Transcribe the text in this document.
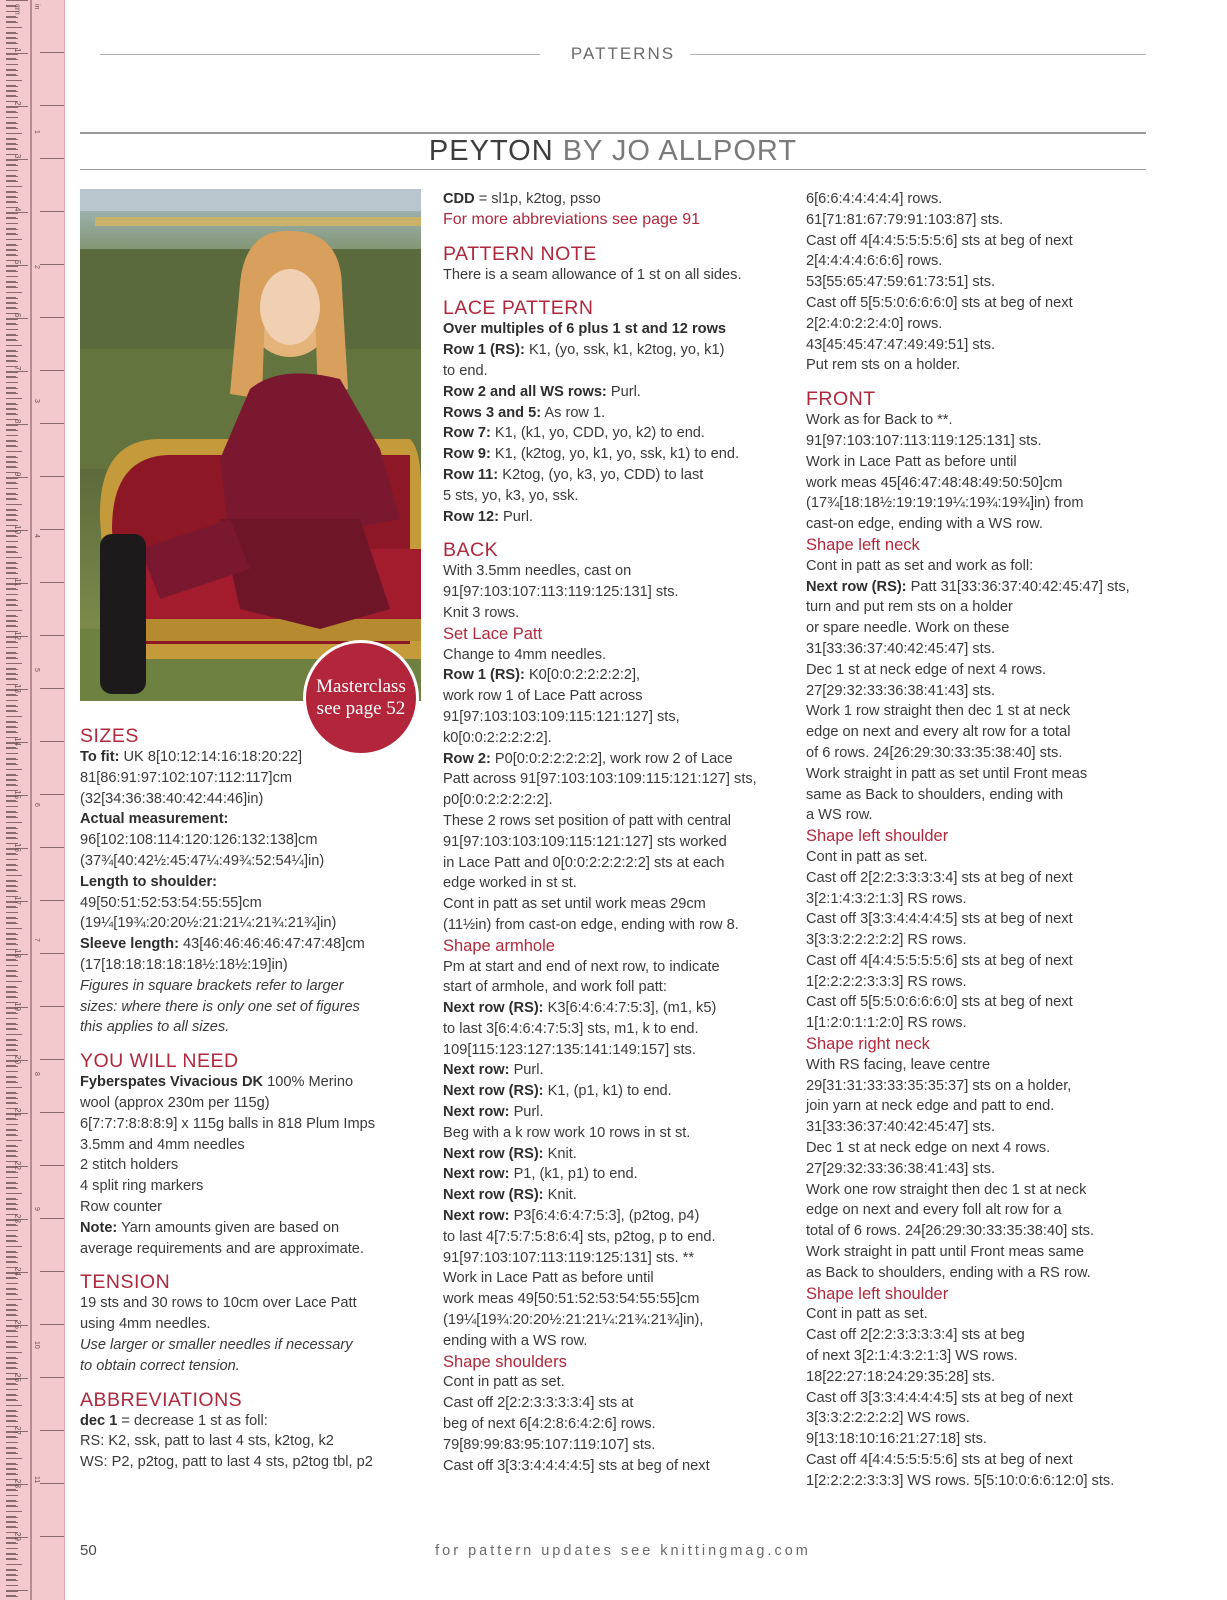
cm in
1
2
3
4
5
6
7
8
9
10
11
12
13
14
15
16
17
18
19
20
21
22
23
24
25
26
27
28
29
1
2
3
4
5
6
7
8
9
10
11
PATTERNS
PEYTON BY JO ALLPORT
Masterclass
see page 52

SIZES

To fit: UK 8[10:12:14:16:18:20:22]

81[86:91:97:102:107:112:117]cm

(32[34:36:38:40:42:44:46]in)

Actual measurement:

96[102:108:114:120:126:132:138]cm

(37¾[40:42½:45:47¼:49¾:52:54¼]in)

Length to shoulder:

49[50:51:52:53:54:55:55]cm

(19¼[19¾:20:20½:21:21¼:21¾:21¾]in)

Sleeve length: 43[46:46:46:46:47:47:48]cm

(17[18:18:18:18:18½:18½:19]in)

Figures in square brackets refer to larger

sizes: where there is only one set of figures

this applies to all sizes.

YOU WILL NEED

Fyberspates Vivacious DK 100% Merino

wool (approx 230m per 115g)

6[7:7:7:8:8:8:9] x 115g balls in 818 Plum Imps

3.5mm and 4mm needles

2 stitch holders

4 split ring markers

Row counter

Note: Yarn amounts given are based on

average requirements and are approximate.

TENSION

19 sts and 30 rows to 10cm over Lace Patt

using 4mm needles.

Use larger or smaller needles if necessary

to obtain correct tension.

ABBREVIATIONS

dec 1 = decrease 1 st as foll:

RS: K2, ssk, patt to last 4 sts, k2tog, k2

WS: P2, p2tog, patt to last 4 sts, p2tog tbl, p2

CDD = sl1p, k2tog, psso

For more abbreviations see page 91

PATTERN NOTE

There is a seam allowance of 1 st on all sides.

LACE PATTERN

Over multiples of 6 plus 1 st and 12 rows

Row 1 (RS): K1, (yo, ssk, k1, k2tog, yo, k1)

to end.

Row 2 and all WS rows: Purl.

Rows 3 and 5: As row 1.

Row 7: K1, (k1, yo, CDD, yo, k2) to end.

Row 9: K1, (k2tog, yo, k1, yo, ssk, k1) to end.

Row 11: K2tog, (yo, k3, yo, CDD) to last

5 sts, yo, k3, yo, ssk.

Row 12: Purl.

BACK

With 3.5mm needles, cast on

91[97:103:107:113:119:125:131] sts.

Knit 3 rows.

Set Lace Patt

Change to 4mm needles.

Row 1 (RS): K0[0:0:2:2:2:2:2],

work row 1 of Lace Patt across

91[97:103:103:109:115:121:127] sts,

k0[0:0:2:2:2:2:2].

Row 2: P0[0:0:2:2:2:2:2], work row 2 of Lace

Patt across 91[97:103:103:109:115:121:127] sts,

p0[0:0:2:2:2:2:2].

These 2 rows set position of patt with central

91[97:103:103:109:115:121:127] sts worked

in Lace Patt and 0[0:0:2:2:2:2:2] sts at each

edge worked in st st.

Cont in patt as set until work meas 29cm

(11½in) from cast-on edge, ending with row 8.

Shape armhole

Pm at start and end of next row, to indicate

start of armhole, and work foll patt:

Next row (RS): K3[6:4:6:4:7:5:3], (m1, k5)

to last 3[6:4:6:4:7:5:3] sts, m1, k to end.

109[115:123:127:135:141:149:157] sts.

Next row: Purl.

Next row (RS): K1, (p1, k1) to end.

Next row: Purl.

Beg with a k row work 10 rows in st st.

Next row (RS): Knit.

Next row: P1, (k1, p1) to end.

Next row (RS): Knit.

Next row: P3[6:4:6:4:7:5:3], (p2tog, p4)

to last 4[7:5:7:5:8:6:4] sts, p2tog, p to end.

91[97:103:107:113:119:125:131] sts. **

Work in Lace Patt as before until

work meas 49[50:51:52:53:54:55:55]cm

(19¼[19¾:20:20½:21:21¼:21¾:21¾]in),

ending with a WS row.

Shape shoulders

Cont in patt as set.

Cast off 2[2:2:3:3:3:3:4] sts at

beg of next 6[4:2:8:6:4:2:6] rows.

79[89:99:83:95:107:119:107] sts.

Cast off 3[3:3:4:4:4:4:5] sts at beg of next

6[6:6:4:4:4:4:4] rows.

61[71:81:67:79:91:103:87] sts.

Cast off 4[4:4:5:5:5:5:6] sts at beg of next

2[4:4:4:4:6:6:6] rows.

53[55:65:47:59:61:73:51] sts.

Cast off 5[5:5:0:6:6:6:0] sts at beg of next

2[2:4:0:2:2:4:0] rows.

43[45:45:47:47:49:49:51] sts.

Put rem sts on a holder.

FRONT

Work as for Back to **.

91[97:103:107:113:119:125:131] sts.

Work in Lace Patt as before until

work meas 45[46:47:48:48:49:50:50]cm

(17¾[18:18½:19:19:19¼:19¾:19¾]in) from

cast-on edge, ending with a WS row.

Shape left neck

Cont in patt as set and work as foll:

Next row (RS): Patt 31[33:36:37:40:42:45:47] sts,

turn and put rem sts on a holder

or spare needle. Work on these

31[33:36:37:40:42:45:47] sts.

Dec 1 st at neck edge of next 4 rows.

27[29:32:33:36:38:41:43] sts.

Work 1 row straight then dec 1 st at neck

edge on next and every alt row for a total

of 6 rows. 24[26:29:30:33:35:38:40] sts.

Work straight in patt as set until Front meas

same as Back to shoulders, ending with

a WS row.

Shape left shoulder

Cont in patt as set.

Cast off 2[2:2:3:3:3:3:4] sts at beg of next

3[2:1:4:3:2:1:3] RS rows.

Cast off 3[3:3:4:4:4:4:5] sts at beg of next

3[3:3:2:2:2:2:2] RS rows.

Cast off 4[4:4:5:5:5:5:6] sts at beg of next

1[2:2:2:2:3:3:3] RS rows.

Cast off 5[5:5:0:6:6:6:0] sts at beg of next

1[1:2:0:1:1:2:0] RS rows.

Shape right neck

With RS facing, leave centre

29[31:31:33:33:35:35:37] sts on a holder,

join yarn at neck edge and patt to end.

31[33:36:37:40:42:45:47] sts.

Dec 1 st at neck edge on next 4 rows.

27[29:32:33:36:38:41:43] sts.

Work one row straight then dec 1 st at neck

edge on next and every foll alt row for a

total of 6 rows. 24[26:29:30:33:35:38:40] sts.

Work straight in patt until Front meas same

as Back to shoulders, ending with a RS row.

Shape left shoulder

Cont in patt as set.

Cast off 2[2:2:3:3:3:3:4] sts at beg

of next 3[2:1:4:3:2:1:3] WS rows.

18[22:27:18:24:29:35:28] sts.

Cast off 3[3:3:4:4:4:4:5] sts at beg of next

3[3:3:2:2:2:2:2] WS rows.

9[13:18:10:16:21:27:18] sts.

Cast off 4[4:4:5:5:5:5:6] sts at beg of next

1[2:2:2:2:3:3:3] WS rows. 5[5:10:0:6:6:12:0] sts.

50	for pattern updates see knittingmag.com
